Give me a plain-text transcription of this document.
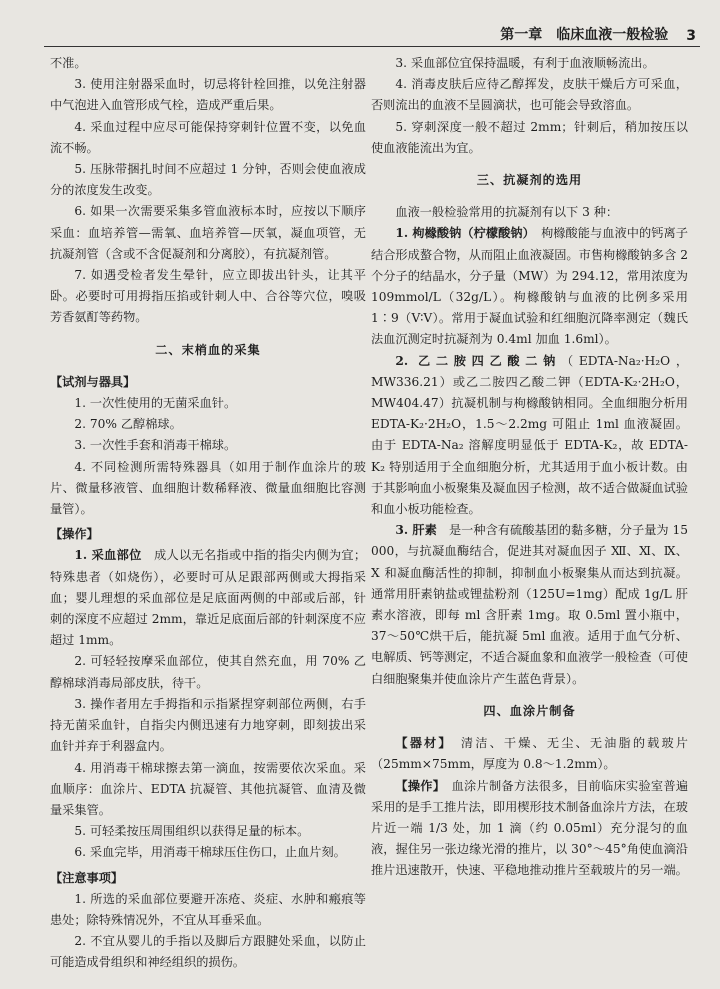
第一章　临床血液一般检验 3

不准。

3. 使用注射器采血时，切忌将针栓回推，以免注射器中气泡进入血管形成气栓，造成严重后果。

4. 采血过程中应尽可能保持穿刺针位置不变，以免血流不畅。

5. 压脉带捆扎时间不应超过 1 分钟，否则会使血液成分的浓度发生改变。

6. 如果一次需要采集多管血液标本时，应按以下顺序采血：血培养管—需氧、血培养管—厌氧，凝血项管，无抗凝剂管（含或不含促凝剂和分离胶），有抗凝剂管。

7. 如遇受检者发生晕针，应立即拔出针头，让其平卧。必要时可用拇指压掐或针刺人中、合谷等穴位，嗅吸芳香氨酊等药物。

二、末梢血的采集

【试剂与器具】

1. 一次性使用的无菌采血针。

2. 70% 乙醇棉球。

3. 一次性手套和消毒干棉球。

4. 不同检测所需特殊器具（如用于制作血涂片的玻片、微量移液管、血细胞计数稀释液、微量血细胞比容测量管）。

【操作】

1. 采血部位　 成人以无名指或中指的指尖内侧为宜；特殊患者（如烧伤），必要时可从足跟部两侧或大拇指采血；婴儿理想的采血部位是足底面两侧的中部或后部，针刺的深度不应超过 2mm，靠近足底面后部的针刺深度不应超过 1mm。

2. 可轻轻按摩采血部位，使其自然充血，用 70% 乙醇棉球消毒局部皮肤，待干。

3. 操作者用左手拇指和示指紧捏穿刺部位两侧，右手持无菌采血针，自指尖内侧迅速有力地穿刺，即刻拔出采血针并弃于利器盒内。

4. 用消毒干棉球擦去第一滴血，按需要依次采血。采血顺序：血涂片、EDTA 抗凝管、其他抗凝管、血清及微量采集管。

5. 可轻柔按压周围组织以获得足量的标本。

6. 采血完毕，用消毒干棉球压住伤口，止血片刻。

【注意事项】

1. 所选的采血部位要避开冻疮、炎症、水肿和瘢痕等患处；除特殊情况外，不宜从耳垂采血。

2. 不宜从婴儿的手指以及脚后方跟腱处采血，以防止可能造成骨组织和神经组织的损伤。

3. 采血部位宜保持温暖，有利于血液顺畅流出。

4. 消毒皮肤后应待乙醇挥发，皮肤干燥后方可采血，否则流出的血液不呈圆滴状，也可能会导致溶血。

5. 穿刺深度一般不超过 2mm；针刺后，稍加按压以使血液能流出为宜。

三、抗凝剂的选用

血液一般检验常用的抗凝剂有以下 3 种：

1. 枸橼酸钠（柠檬酸钠）　 枸橼酸能与血液中的钙离子结合形成螯合物，从而阻止血液凝固。市售枸橼酸钠多含 2 个分子的结晶水，分子量（MW）为 294.12，常用浓度为 109mmol/L（32g/L）。枸橼酸钠与血液的比例多采用 1∶9（V∶V）。常用于凝血试验和红细胞沉降率测定（魏氏法血沉测定时抗凝剂为 0.4ml 加血 1.6ml）。

2. 乙二胺四乙酸二钠（EDTA-Na₂·H₂O，MW336.21）或乙二胺四乙酸二钾（EDTA-K₂·2H₂O，MW404.47）抗凝机制与枸橼酸钠相同。全血细胞分析用 EDTA-K₂·2H₂O，1.5～2.2mg 可阻止 1ml 血液凝固。由于 EDTA-Na₂ 溶解度明显低于 EDTA-K₂，故 EDTA-K₂ 特别适用于全血细胞分析，尤其适用于血小板计数。由于其影响血小板聚集及凝血因子检测，故不适合做凝血试验和血小板功能检查。

3. 肝素　 是一种含有硫酸基团的黏多糖，分子量为 15 000，与抗凝血酶结合，促进其对凝血因子 Ⅻ、Ⅺ、Ⅸ、Ⅹ 和凝血酶活性的抑制，抑制血小板聚集从而达到抗凝。通常用肝素钠盐或锂盐粉剂（125U=1mg）配成 1g/L 肝素水溶液，即每 ml 含肝素 1mg。取 0.5ml 置小瓶中，37～50℃烘干后，能抗凝 5ml 血液。适用于血气分析、电解质、钙等测定，不适合凝血象和血液学一般检查（可使白细胞聚集并使血涂片产生蓝色背景）。

四、血涂片制备

【器材】　 清洁、干燥、无尘、无油脂的载玻片（25mm×75mm，厚度为 0.8～1.2mm）。

【操作】　 血涂片制备方法很多，目前临床实验室普遍采用的是手工推片法，即用楔形技术制备血涂片方法，在玻片近一端 1/3 处，加 1 滴（约 0.05ml）充分混匀的血液，握住另一张边缘光滑的推片，以 30°～45°角使血滴沿推片迅速散开，快速、平稳地推动推片至载玻片的另一端。
